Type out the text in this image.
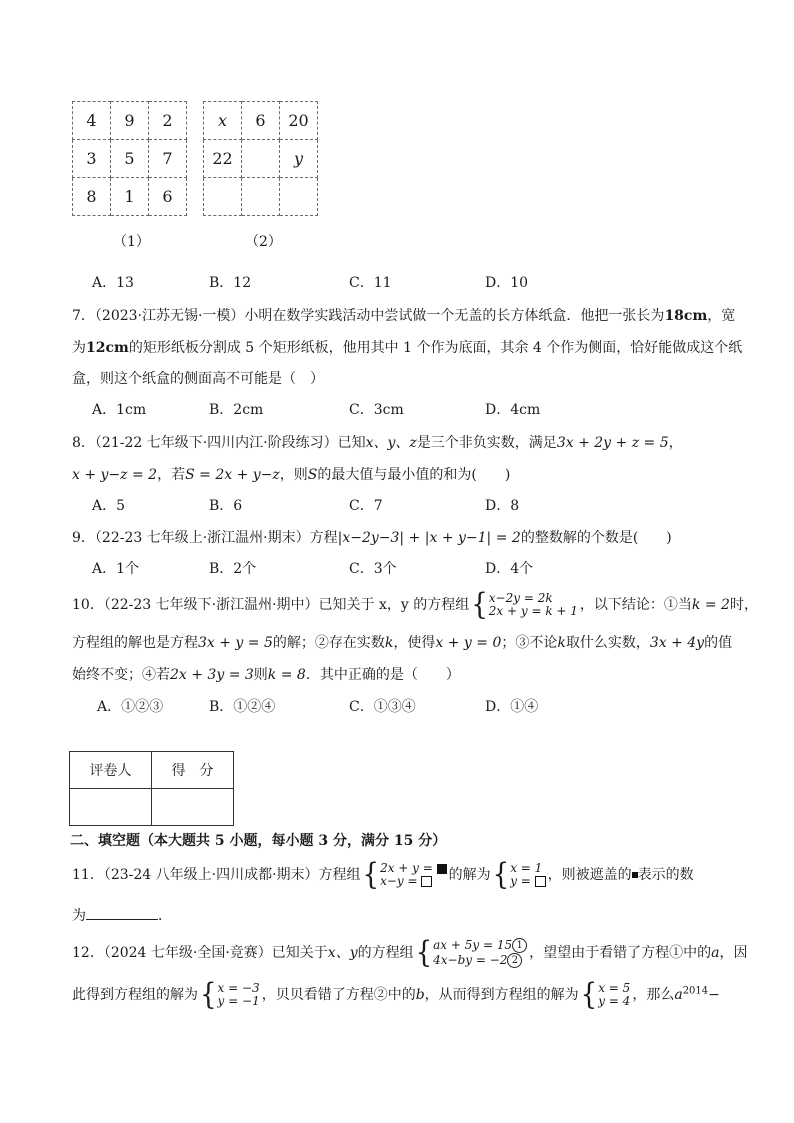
4	9	2
3	5	7
8	1	6
x	6	20
22		y

（1）	（2）
A．13	B．12	C．11	D．10
7．（2023·江苏无锡·一模）小明在数学实践活动中尝试做一个无盖的长方体纸盒．他把一张长为18cm，宽
为12cm的矩形纸板分割成 5 个矩形纸板，他用其中 1 个作为底面，其余 4 个作为侧面，恰好能做成这个纸
盒，则这个纸盒的侧面高不可能是（　）
A．1cm	B．2cm	C．3cm	D．4cm
8．（21-22 七年级下·四川内江·阶段练习）已知x、y、z是三个非负实数，满足3x + 2y + z = 5，
x + y−z = 2，若S = 2x + y−z，则S的最大值与最小值的和为(　　)
A．5	B．6	C．7	D．8
9．（22-23 七年级上·浙江温州·期末）方程|x−2y−3| + |x + y−1| = 2的整数解的个数是(　　)
A．1个	B．2个	C．3个	D．4个
10．（22-23 七年级下·浙江温州·期中）已知关于 x，y 的方程组 { x−2y = 2k
2x + y = k + 1 ，以下结论：①当k = 2时，
方程组的解也是方程3x + y = 5的解；②存在实数k，使得x + y = 0；③不论k取什么实数，3x + 4y的值
始终不变；④若2x + 3y = 3则k = 8．其中正确的是（　　）
A．①②③	B．①②④	C．①③④	D．①④
评卷人	得　分

二、填空题（本大题共 5 小题，每小题 3 分，满分 15 分）
11．（23-24 八年级上·四川成都·期末）方程组 { 2x + y =
x−y =	的解为 { x = 1
y = ，则被遮盖的 表示的数
为	．
12．（2024 七年级·全国·竞赛）已知关于x、y的方程组 { ax + 5y = 15 1
4x−by = −2 2 ，望望由于看错了方程①中的a，因
此得到方程组的解为 { x = −3
y = −1 ，贝贝看错了方程②中的b，从而得到方程组的解为 { x = 5
y = 4 ，那么$a^{2014}-$
